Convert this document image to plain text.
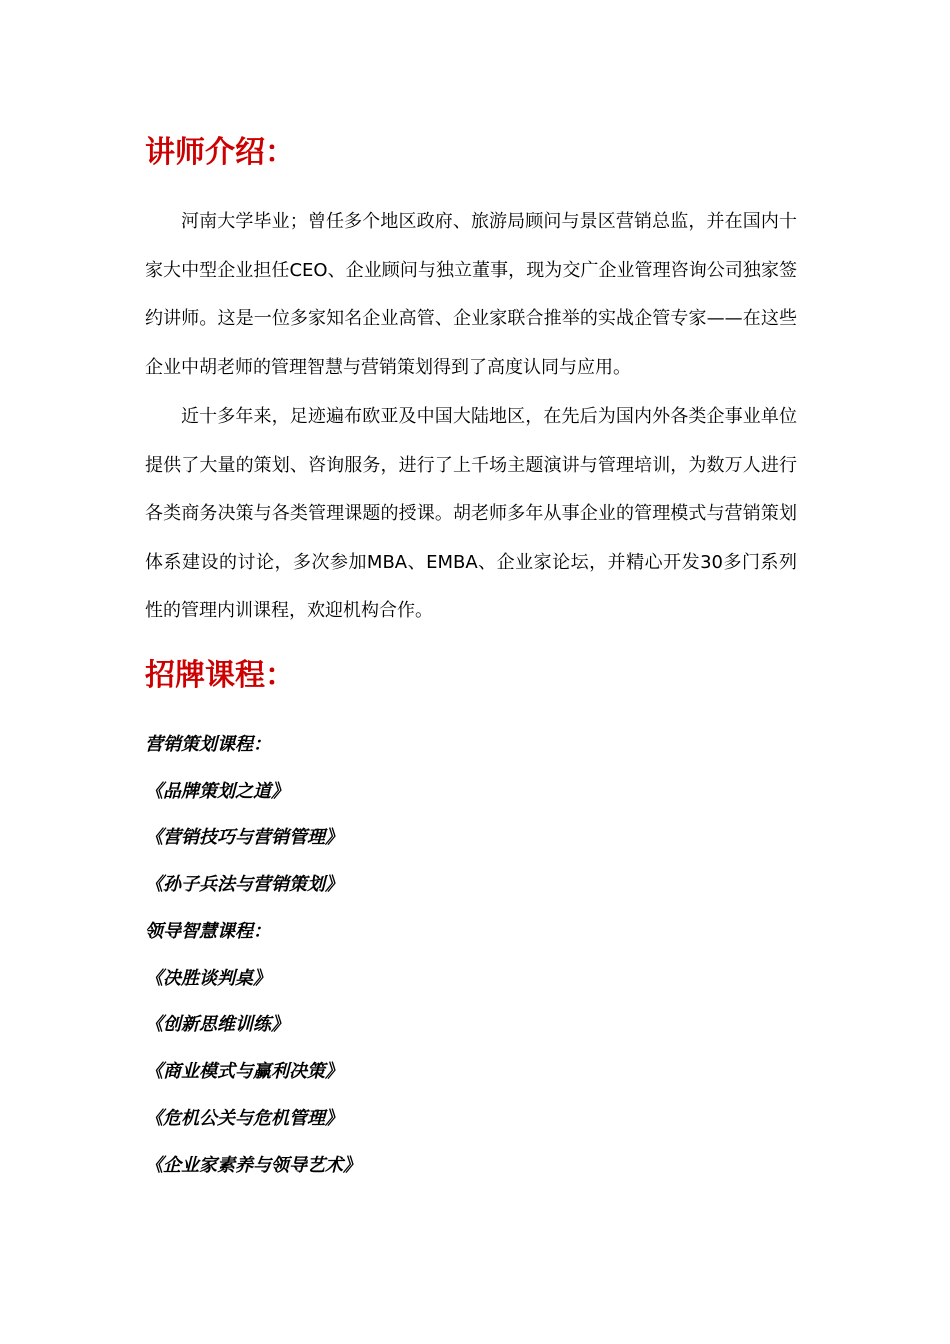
讲师介绍：

河南大学毕业；曾任多个地区政府、旅游局顾问与景区营销总监，并在国内十家大中型企业担任CEO、企业顾问与独立董事，现为交广企业管理咨询公司独家签约讲师。这是一位多家知名企业高管、企业家联合推举的实战企管专家——在这些企业中胡老师的管理智慧与营销策划得到了高度认同与应用。

近十多年来，足迹遍布欧亚及中国大陆地区，在先后为国内外各类企事业单位提供了大量的策划、咨询服务，进行了上千场主题演讲与管理培训，为数万人进行各类商务决策与各类管理课题的授课。胡老师多年从事企业的管理模式与营销策划体系建设的讨论，多次参加MBA、EMBA、企业家论坛，并精心开发30多门系列性的管理内训课程，欢迎机构合作。

招牌课程：

营销策划课程：

《品牌策划之道》

《营销技巧与营销管理》

《孙子兵法与营销策划》

领导智慧课程：

《决胜谈判桌》

《创新思维训练》

《商业模式与赢利决策》

《危机公关与危机管理》

《企业家素养与领导艺术》
